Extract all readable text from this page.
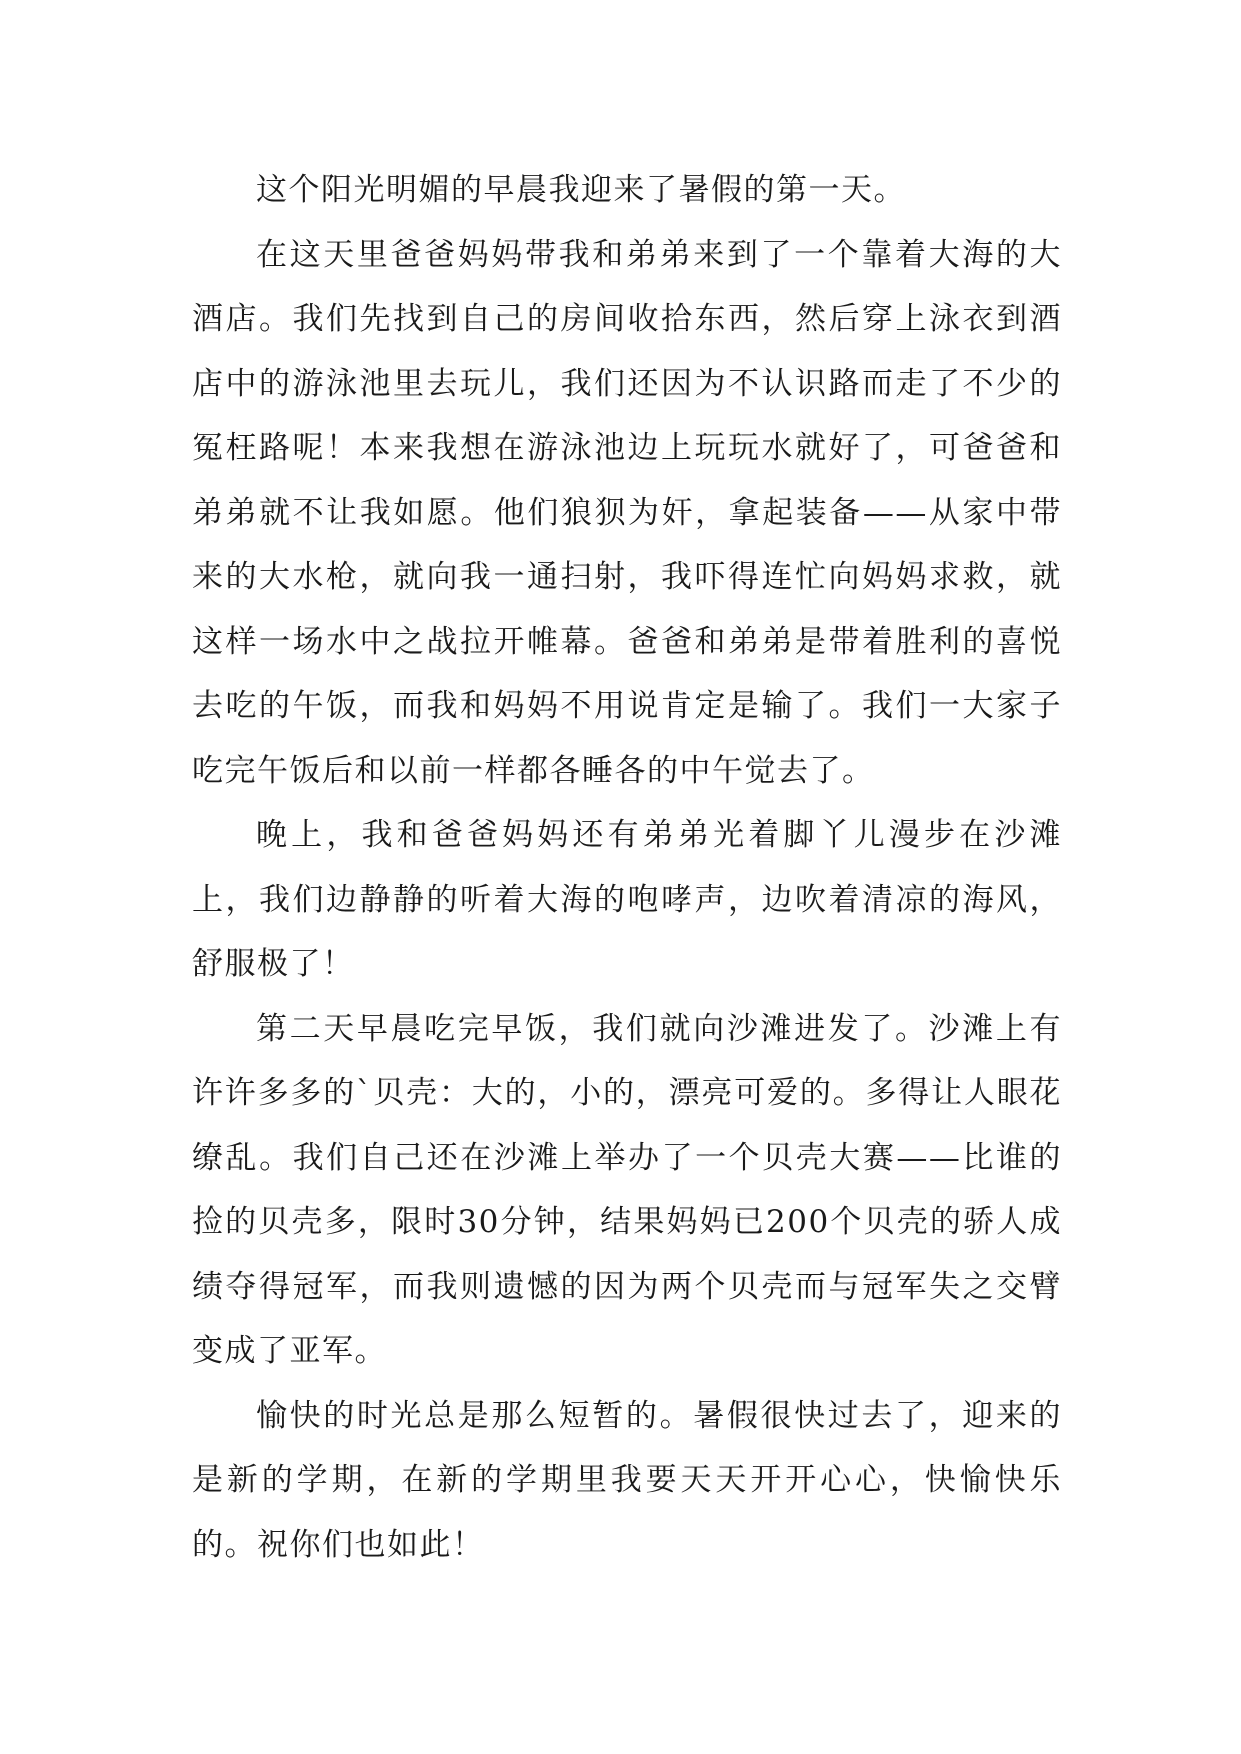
这个阳光明媚的早晨我迎来了暑假的第一天。

在这天里爸爸妈妈带我和弟弟来到了一个靠着大海的大酒店。我们先找到自己的房间收拾东西，然后穿上泳衣到酒店中的游泳池里去玩儿，我们还因为不认识路而走了不少的冤枉路呢！本来我想在游泳池边上玩玩水就好了，可爸爸和弟弟就不让我如愿。他们狼狈为奸，拿起装备——从家中带来的大水枪，就向我一通扫射，我吓得连忙向妈妈求救，就这样一场水中之战拉开帷幕。爸爸和弟弟是带着胜利的喜悦去吃的午饭，而我和妈妈不用说肯定是输了。我们一大家子吃完午饭后和以前一样都各睡各的中午觉去了。

晚上，我和爸爸妈妈还有弟弟光着脚丫儿漫步在沙滩上，我们边静静的听着大海的咆哮声，边吹着清凉的海风，舒服极了！

第二天早晨吃完早饭，我们就向沙滩进发了。沙滩上有许许多多的`贝壳：大的，小的，漂亮可爱的。多得让人眼花缭乱。我们自己还在沙滩上举办了一个贝壳大赛——比谁的捡的贝壳多，限时30分钟，结果妈妈已200个贝壳的骄人成绩夺得冠军，而我则遗憾的因为两个贝壳而与冠军失之交臂变成了亚军。

愉快的时光总是那么短暂的。暑假很快过去了，迎来的是新的学期，在新的学期里我要天天开开心心，快愉快乐的。祝你们也如此！
